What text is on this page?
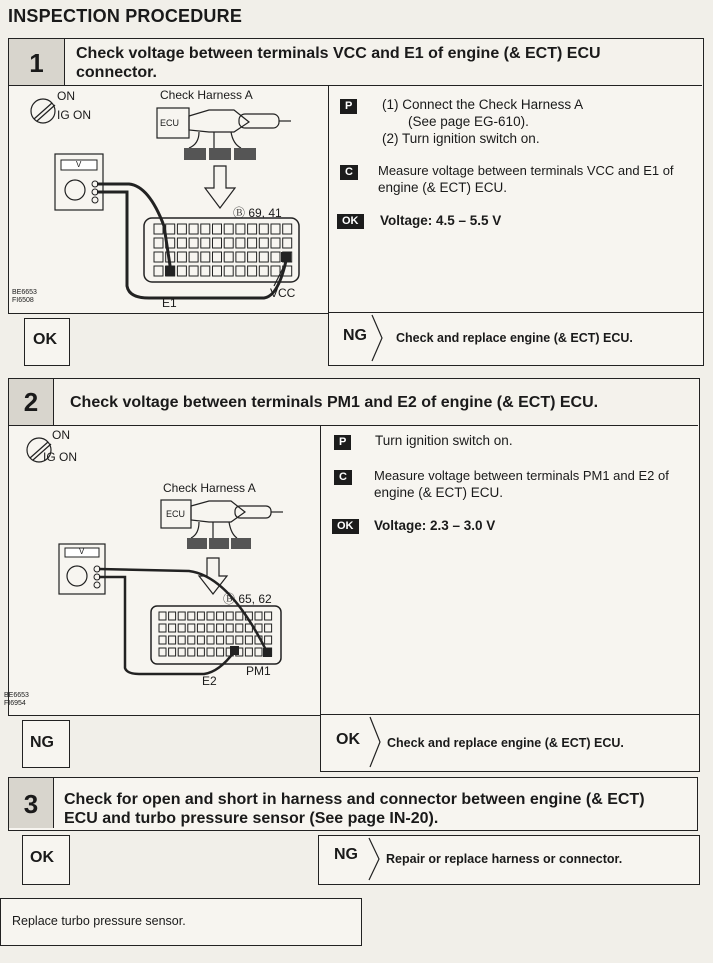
INSPECTION PROCEDURE
1	Check voltage between terminals VCC and E1 of engine (& ECT) ECU
connector.
ON
IG ON
Check Harness A
ECU
V
Ⓑ 69, 41
E1
VCC
BE6653
FI6508
P	(1) Connect the Check Harness A
(See page EG-610).
(2) Turn ignition switch on.
C	Measure voltage between terminals VCC and E1 of
engine (& ECT) ECU.
OK	Voltage: 4.5 – 5.5 V
OK	NG Check and replace engine (& ECT) ECU.
2	Check voltage between terminals PM1 and E2 of engine (& ECT) ECU.
ON
IG ON
Check Harness A
ECU
V
Ⓑ 65, 62
E2
PM1
BE6653
FI6954
P	Turn ignition switch on.
C	Measure voltage between terminals PM1 and E2 of
engine (& ECT) ECU.
OK	Voltage: 2.3 – 3.0 V
NG	OK Check and replace engine (& ECT) ECU.
3	Check for open and short in harness and connector between engine (& ECT)
ECU and turbo pressure sensor (See page IN-20).
OK	NG Repair or replace harness or connector.
Replace turbo pressure sensor.
